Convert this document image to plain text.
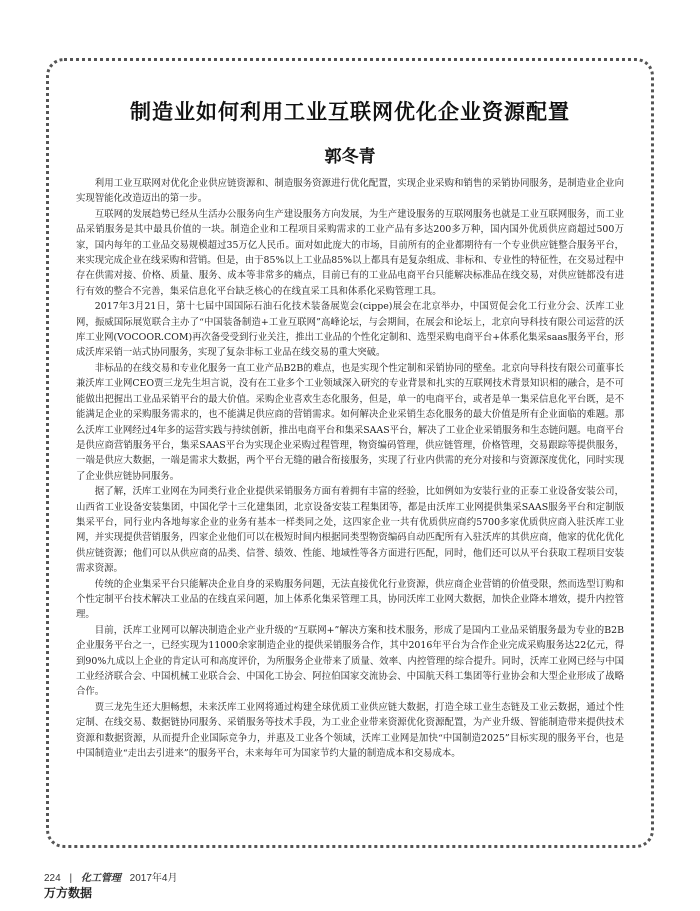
制造业如何利用工业互联网优化企业资源配置
郭冬青

利用工业互联网对优化企业供应链资源和、制造服务资源进行优化配置，实现企业采购和销售的采销协同服务，是制造业企业向实现智能化改造迈出的第一步。

互联网的发展趋势已经从生活办公服务向生产建设服务方向发展，为生产建设服务的互联网服务也就是工业互联网服务，而工业品采销服务是其中最具价值的一块。制造企业和工程项目采购需求的工业产品有多达200多万种，国内国外优质供应商超过500万家，国内每年的工业品交易规模超过35万亿人民币。面对如此庞大的市场，目前所有的企业都期待有一个专业供应链整合服务平台，来实现完成企业在线采购和营销。但是，由于85%以上工业品85%以上都具有是复杂组成、非标和、专业性的特征性，在交易过程中存在供需对接、价格、质量、服务、成本等非常多的痛点，目前已有的工业品电商平台只能解决标准品在线交易，对供应链都没有进行有效的整合不完善，集采信息化平台缺乏核心的在线直采工具和体系化采购管理工具。

2017年3月21日，第十七届中国国际石油石化技术装备展览会(cippe)展会在北京举办，中国贸促会化工行业分会、沃库工业网，振威国际展览联合主办了“中国装备制造+工业互联网”高峰论坛，与会期间，在展会和论坛上，北京向导科技有限公司运营的沃库工业网(VOCOOR.COM)再次备受受到行业关注，推出工业品的个性化定制和、选型采购电商平台+体系化集采saas服务平台，形成沃库采销一站式协同服务，实现了复杂非标工业品在线交易的重大突破。

非标品的在线交易和专业化服务一直工业产品B2B的难点，也是实现个性定制和采销协同的壁垒。北京向导科技有限公司董事长兼沃库工业网CEO贾三龙先生坦言说，没有在工业多个工业领域深入研究的专业背景和扎实的互联网技术背景知识相的融合，是不可能做出把握出工业品采销平台的最大价值。采购企业喜欢生态化服务，但是，单一的电商平台，或者是单一集采信息化平台既，是不能满足企业的采购服务需求的，也不能满足供应商的营销需求。如何解决企业采销生态化服务的最大价值是所有企业面临的难题。那么沃库工业网经过4年多的运营实践与持续创新，推出电商平台和集采SAAS平台，解决了工业企业采销服务和生态链问题。电商平台是供应商营销服务平台，集采SAAS平台为实现企业采购过程管理，物资编码管理，供应链管理，价格管理，交易跟踪等提供服务，一端是供应大数据，一端是需求大数据，两个平台无缝的融合衔接服务，实现了行业内供需的充分对接和与资源深度优化，同时实现了企业供应链协同服务。

据了解，沃库工业网在为同类行业企业提供采销服务方面有着拥有丰富的经验，比如例如为安装行业的正泰工业设备安装公司，山西省工业设备安装集团，中国化学十三化建集团，北京设备安装工程集团等，都是由沃库工业网提供集采SAAS服务平台和定制版集采平台，同行业内各地每家企业的业务有基本一样类同之处，这四家企业一共有优质供应商约5700多家优质供应商入驻沃库工业网，并实现提供营销服务，四家企业他们可以在极短时间内根据同类型物资编码自动匹配所有入驻沃库的其供应商，他家的优化优化供应链资源；他们可以从供应商的品类、信誉、绩效、性能、地域性等各方面进行匹配，同时，他们还可以从平台获取工程项目安装需求资源。

传统的企业集采平台只能解决企业自身的采购服务问题，无法直接优化行业资源，供应商企业营销的价值受限，然而选型订购和个性定制平台技术解决工业品的在线直采问题，加上体系化集采管理工具，协同沃库工业网大数据，加快企业降本增效，提升内控管理。

目前，沃库工业网可以解决制造企业产业升级的“互联网+”解决方案和技术服务，形成了是国内工业品采销服务最为专业的B2B企业服务平台之一，已经实现为11000余家制造企业的提供采销服务合作，其中2016年平台为合作企业完成采购服务达22亿元，得到90%九成以上企业的肯定认可和高度评价，为所服务企业带来了质量、效率、内控管理的综合提升。同时，沃库工业网已经与中国工业经济联合会、中国机械工业联合会、中国化工协会、阿拉伯国家交流协会、中国航天科工集团等行业协会和大型企业形成了战略合作。

贾三龙先生还大胆畅想，未来沃库工业网将通过构建全球优质工业供应链大数据，打造全球工业生态链及工业云数据，通过个性定制、在线交易、数据链协同服务、采销服务等技术手段，为工业企业带来资源优化资源配置，为产业升级、智能制造带来提供技术资源和数据资源，从而提升企业国际竞争力，并惠及工业各个领域，沃库工业网是加快“中国制造2025”目标实现的服务平台，也是中国制造业“走出去引进来”的服务平台，未来每年可为国家节约大量的制造成本和交易成本。

224 | 化工管理 2017年4月
万方数据
